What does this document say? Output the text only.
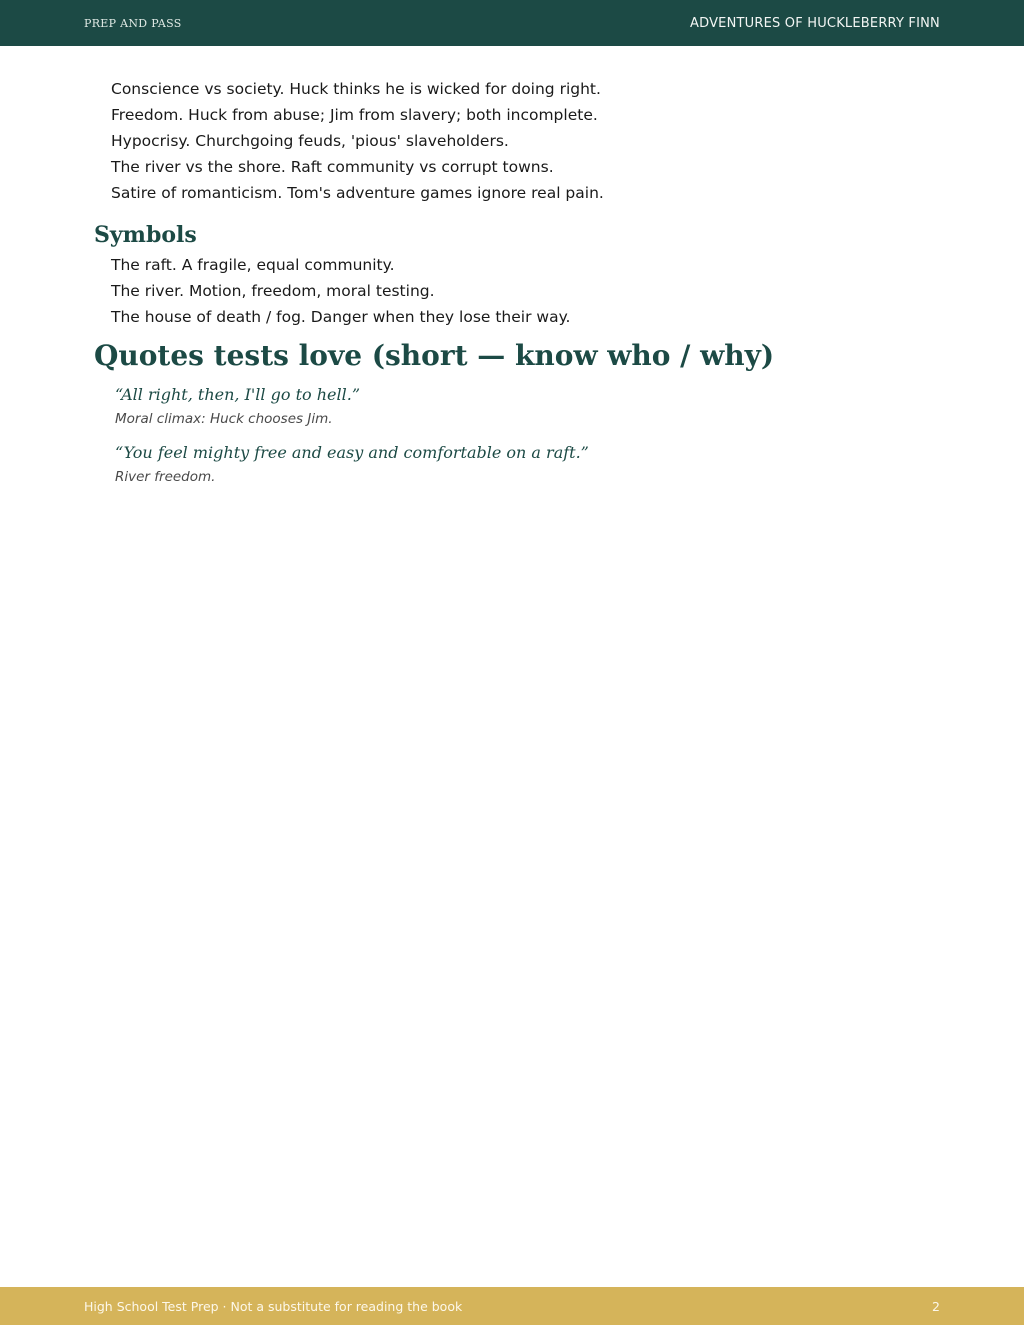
PREP AND PASS	ADVENTURES OF HUCKLEBERRY FINN
Conscience vs society. Huck thinks he is wicked for doing right.
Freedom. Huck from abuse; Jim from slavery; both incomplete.
Hypocrisy. Churchgoing feuds, 'pious' slaveholders.
The river vs the shore. Raft community vs corrupt towns.
Satire of romanticism. Tom's adventure games ignore real pain.
Symbols
The raft. A fragile, equal community.
The river. Motion, freedom, moral testing.
The house of death / fog. Danger when they lose their way.
Quotes tests love (short — know who / why)
“All right, then, I'll go to hell.”
Moral climax: Huck chooses Jim.
“You feel mighty free and easy and comfortable on a raft.”
River freedom.
High School Test Prep · Not a substitute for reading the book	2
